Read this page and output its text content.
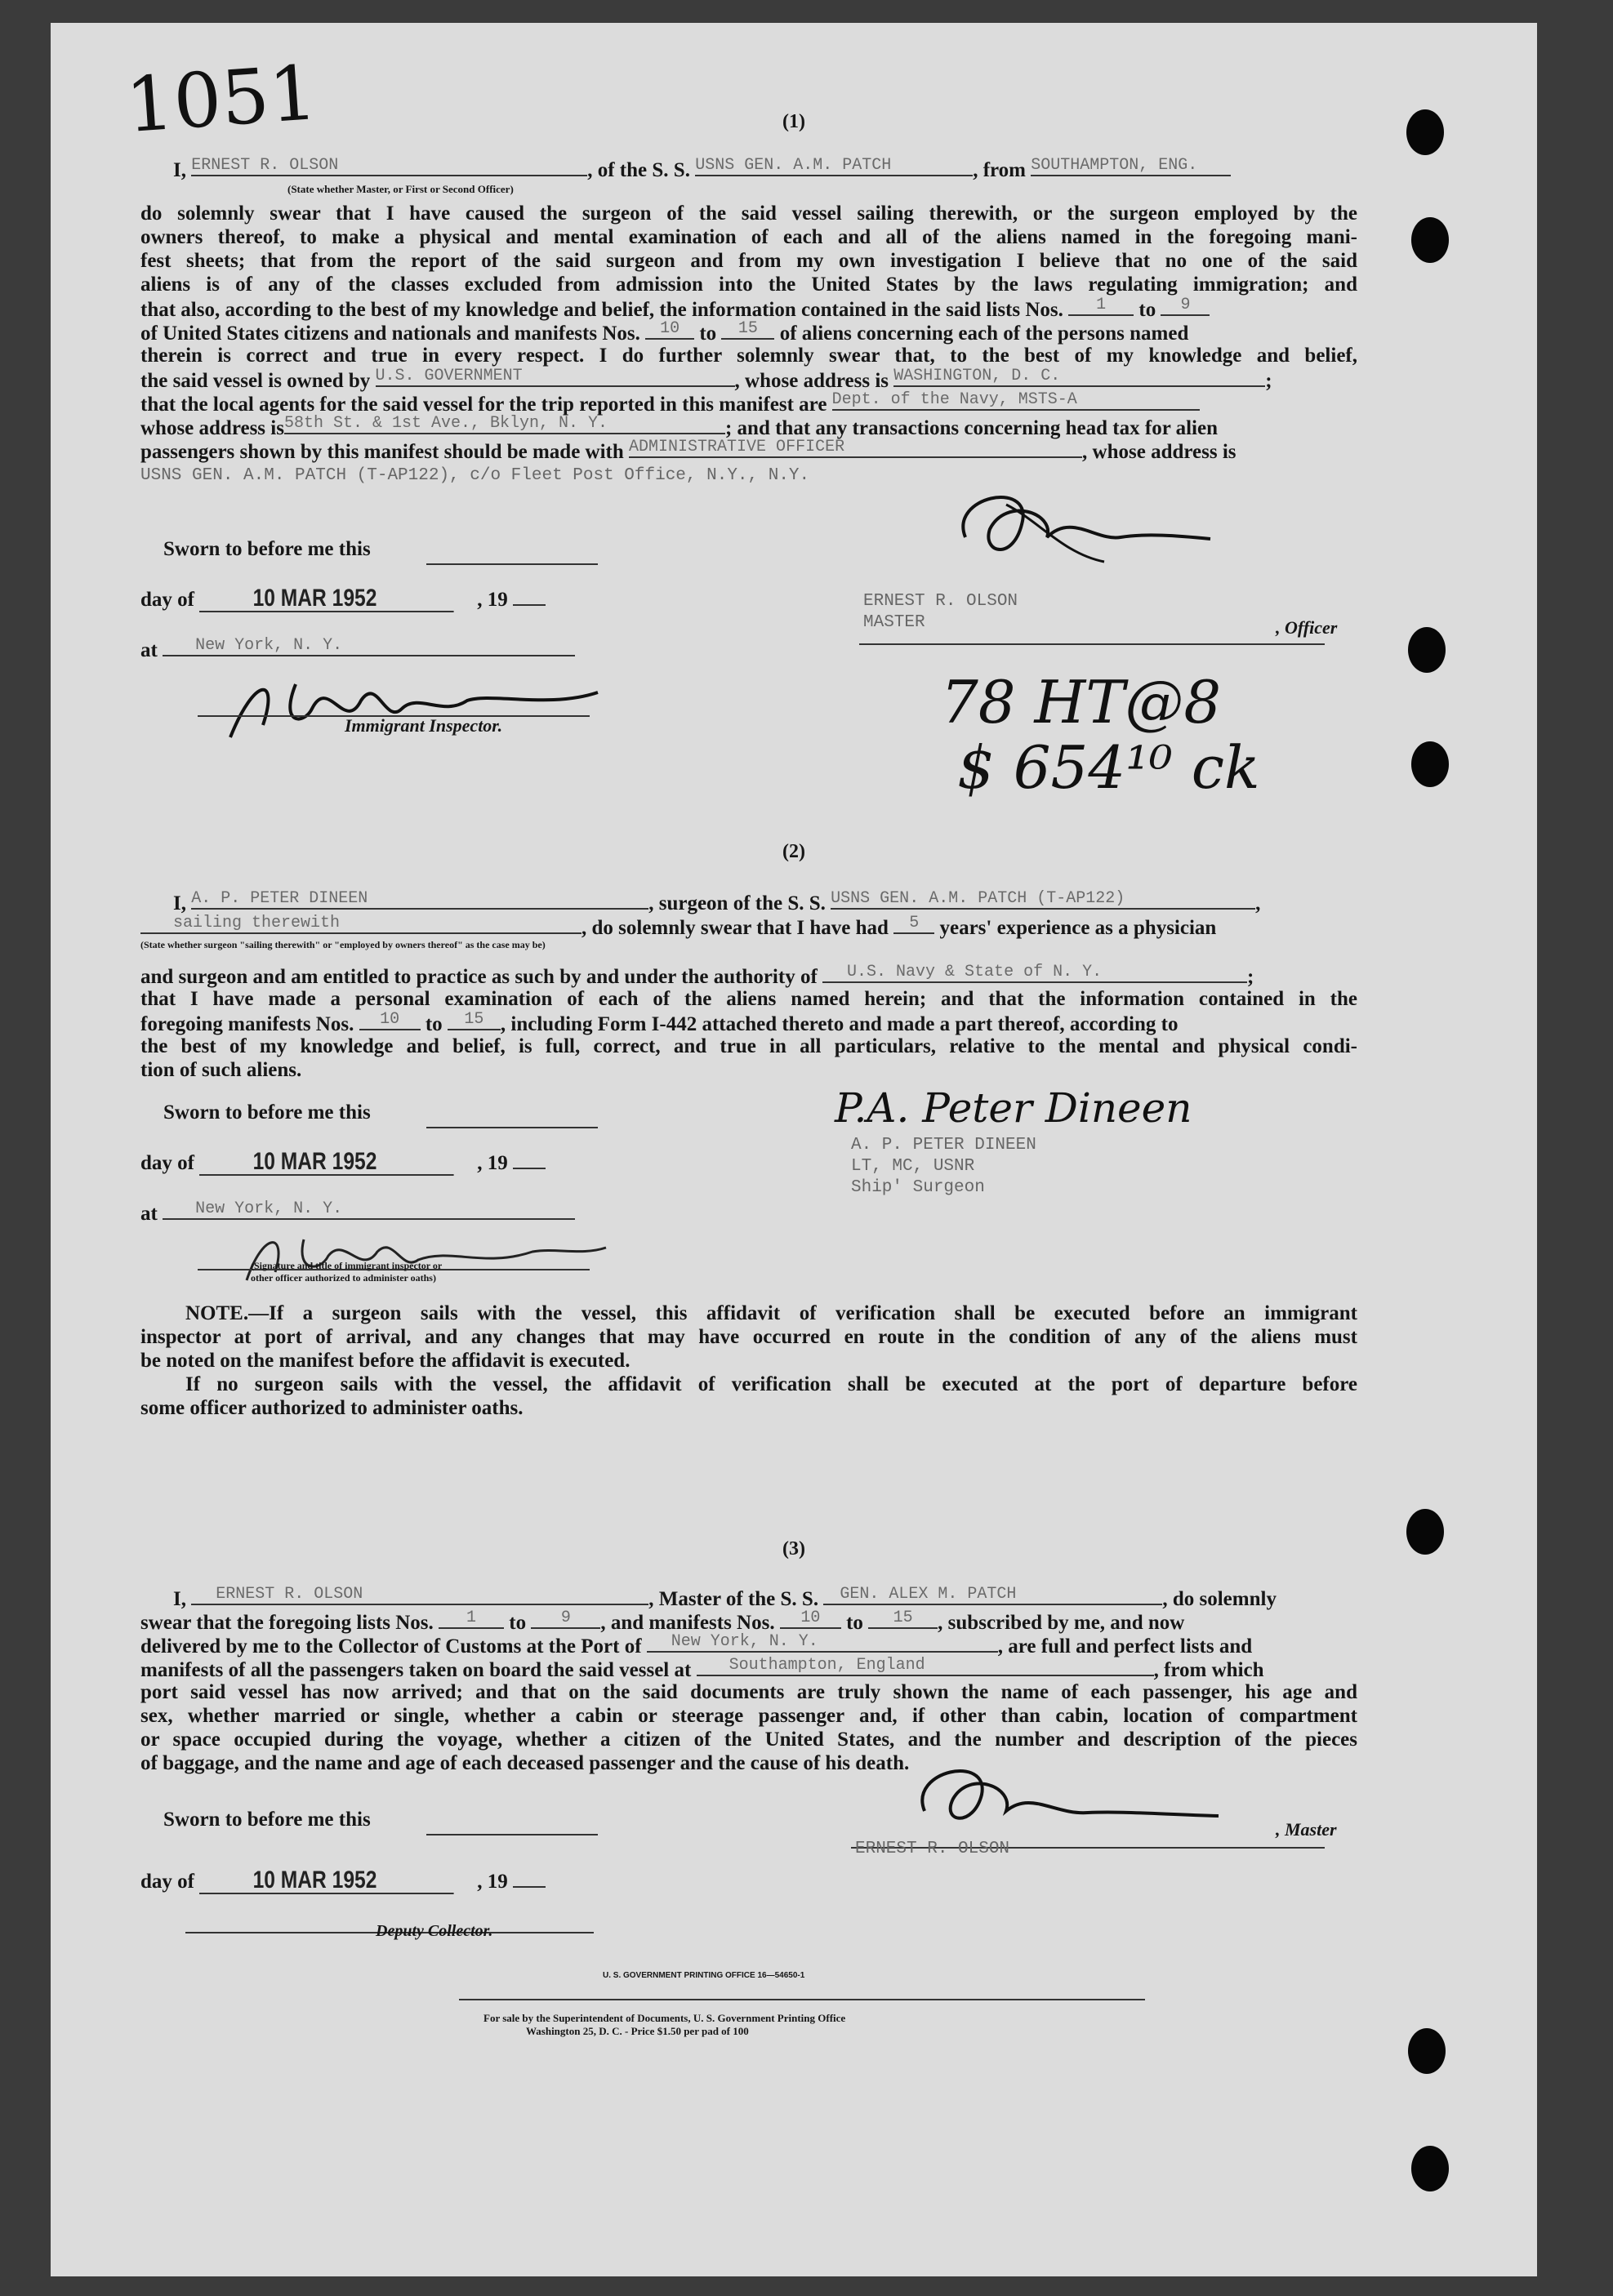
1051	(1)
I, ERNEST R. OLSON	, of the S. S. USNS GEN. A.M. PATCH	, from SOUTHAMPTON, ENG.
(State whether Master, or First or Second Officer)
do solemnly swear that I have caused the surgeon of the said vessel sailing therewith, or the surgeon employed by the
owners thereof, to make a physical and mental examination of each and all of the aliens named in the foregoing mani-
fest sheets; that from the report of the said surgeon and from my own investigation I believe that no one of the said
aliens is of any of the classes excluded from admission into the United States by the laws regulating immigration; and
that also, according to the best of my knowledge and belief, the information contained in the said lists Nos. 1 to 9
of United States citizens and nationals and manifests Nos. 10 to 15 of aliens concerning each of the persons named
therein is correct and true in every respect. I do further solemnly swear that, to the best of my knowledge and belief,
the said vessel is owned by U.S. GOVERNMENT	, whose address is WASHINGTON, D. C.	;
that the local agents for the said vessel for the trip reported in this manifest are Dept. of the Navy, MSTS-A
whose address is58th St. & 1st Ave., Bklyn, N. Y.	; and that any transactions concerning head tax for alien
passengers shown by this manifest should be made with ADMINISTRATIVE OFFICER	, whose address is
USNS GEN. A.M. PATCH (T-AP122), c/o Fleet Post Office, N.Y., N.Y.
Sworn to before me this
day of 10 MAR 1952	, 19
at New York, N. Y.
Immigrant Inspector.
ERNEST R. OLSON
MASTER	, Officer
78 HT@8
$ 654¹⁰ ck
(2)
I, A. P. PETER DINEEN	, surgeon of the S. S. USNS GEN. A.M. PATCH (T-AP122)	,
sailing therewith	, do solemnly swear that I have had 5 years' experience as a physician
(State whether surgeon "sailing therewith" or "employed by owners thereof" as the case may be)
and surgeon and am entitled to practice as such by and under the authority of U.S. Navy & State of N. Y.	;
that I have made a personal examination of each of the aliens named herein; and that the information contained in the
foregoing manifests Nos. 10 to 15 , including Form I-442 attached thereto and made a part thereof, according to
the best of my knowledge and belief, is full, correct, and true in all particulars, relative to the mental and physical condi-
tion of such aliens.
P.A. Peter Dineen
A. P. PETER DINEEN
LT, MC, USNR
Ship' Surgeon
Sworn to before me this
day of 10 MAR 1952	, 19
at New York, N. Y.
(Signature and title of immigrant inspector or
other officer authorized to administer oaths)
NOTE.—If a surgeon sails with the vessel, this affidavit of verification shall be executed before an immigrant
inspector at port of arrival, and any changes that may have occurred en route in the condition of any of the aliens must
be noted on the manifest before the affidavit is executed.
If no surgeon sails with the vessel, the affidavit of verification shall be executed at the port of departure before
some officer authorized to administer oaths.
(3)
I, ERNEST R. OLSON	, Master of the S. S. GEN. ALEX M. PATCH	, do solemnly
swear that the foregoing lists Nos. 1 to 9 , and manifests Nos. 10 to 15 , subscribed by me, and now
delivered by me to the Collector of Customs at the Port of New York, N. Y.	, are full and perfect lists and
manifests of all the passengers taken on board the said vessel at Southampton, England	, from which
port said vessel has now arrived; and that on the said documents are truly shown the name of each passenger, his age and
sex, whether married or single, whether a cabin or steerage passenger and, if other than cabin, location of compartment
or space occupied during the voyage, whether a citizen of the United States, and the number and description of the pieces
of baggage, and the name and age of each deceased passenger and the cause of his death.
Sworn to before me this
day of 10 MAR 1952	, 19
Deputy Collector.
ERNEST R. OLSON
, Master
U. S. GOVERNMENT PRINTING OFFICE 16—54650-1
For sale by the Superintendent of Documents, U. S. Government Printing Office
Washington 25, D. C. - Price $1.50 per pad of 100
